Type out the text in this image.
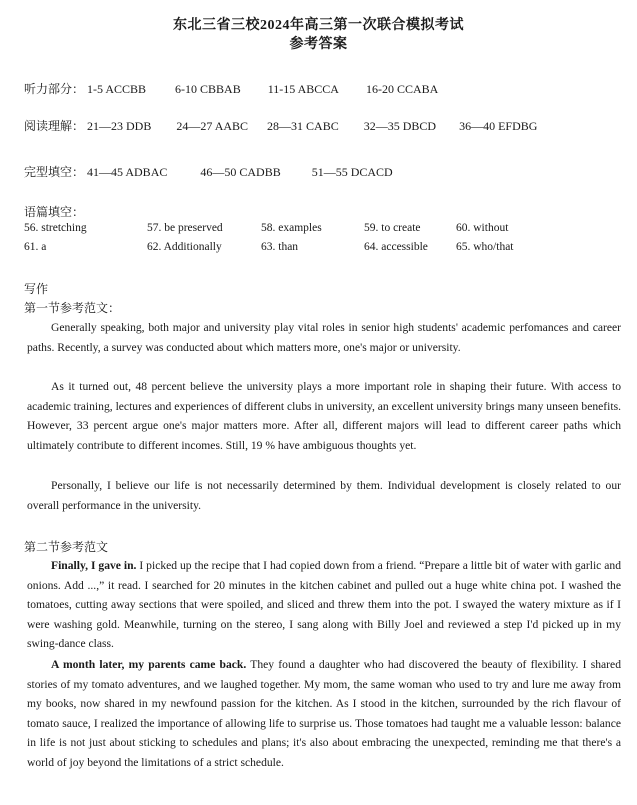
东北三省三校2024年高三第一次联合模拟考试
参考答案
听力部分： 1-5 ACCBB 6-10 CBBAB 11-15 ABCCA 16-20 CCABA
阅读理解： 21—23 DDB 24—27 AABC 28—31 CABC 32—35 DBCD 36—40 EFDBG
完型填空： 41—45 ADBAC	46—50 CADBB	51—55 DCACD
语篇填空：
56. stretching	57. be preserved	58. examples	59. to create	60. without
61. a	62. Additionally	63. than	64. accessible 65. who/that
写作
第一节参考范文：

Generally speaking, both major and university play vital roles in senior high students' academic perfomances and career paths. Recently, a survey was conducted about which matters more, one's major or university.

As it turned out, 48 percent believe the university plays a more important role in shaping their future. With access to academic training, lectures and experiences of different clubs in university, an excellent university brings many unseen benefits. However, 33 percent argue one's major matters more. After all, different majors will lead to different career paths which ultimately contribute to different incomes. Still, 19 % have ambiguous thoughts yet.

Personally, I believe our life is not necessarily determined by them. Individual development is closely related to our overall performance in the university.

第二节参考范文

Finally, I gave in. I picked up the recipe that I had copied down from a friend. “Prepare a little bit of water with garlic and onions. Add ...,” it read. I searched for 20 minutes in the kitchen cabinet and pulled out a huge white china pot. I washed the tomatoes, cutting away sections that were spoiled, and sliced and threw them into the pot. I swayed the watery mixture as if I were washing gold. Meanwhile, turning on the stereo, I sang along with Billy Joel and reviewed a step I'd picked up in my swing-dance class.

A month later, my parents came back. They found a daughter who had discovered the beauty of flexibility. I shared stories of my tomato adventures, and we laughed together. My mom, the same woman who used to try and lure me away from my books, now shared in my newfound passion for the kitchen. As I stood in the kitchen, surrounded by the rich flavour of tomato sauce, I realized the importance of allowing life to surprise us. Those tomatoes had taught me a valuable lesson: balance in life is not just about sticking to schedules and plans; it's also about embracing the unexpected, reminding me that there's a world of joy beyond the limitations of a strict schedule.
